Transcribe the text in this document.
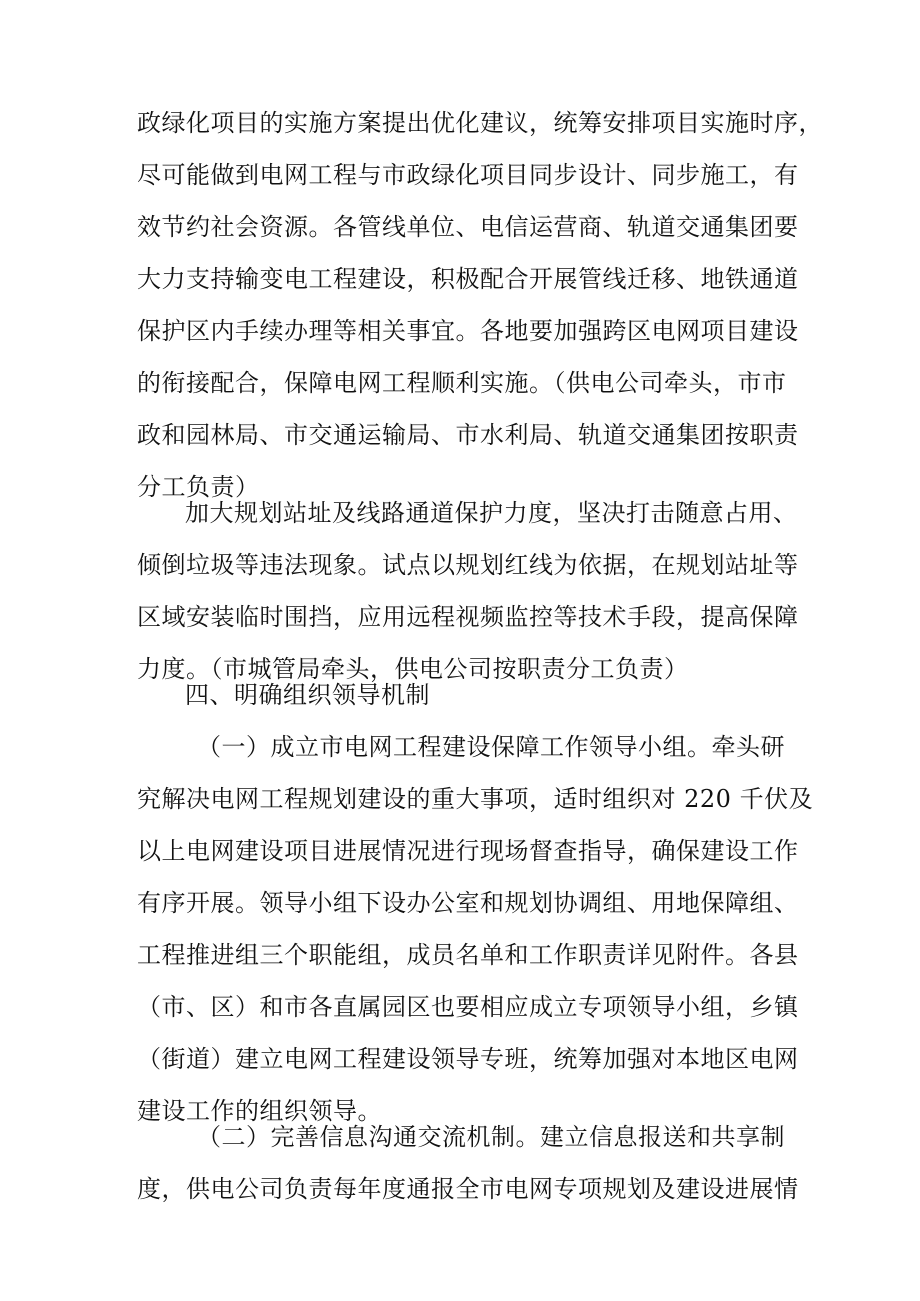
政绿化项目的实施方案提出优化建议，统筹安排项目实施时序，
尽可能做到电网工程与市政绿化项目同步设计、同步施工，有
效节约社会资源。各管线单位、电信运营商、轨道交通集团要
大力支持输变电工程建设，积极配合开展管线迁移、地铁通道
保护区内手续办理等相关事宜。各地要加强跨区电网项目建设
的衔接配合，保障电网工程顺利实施。（供电公司牵头，市市
政和园林局、市交通运输局、市水利局、轨道交通集团按职责
分工负责）
加大规划站址及线路通道保护力度，坚决打击随意占用、
倾倒垃圾等违法现象。试点以规划红线为依据，在规划站址等
区域安装临时围挡，应用远程视频监控等技术手段，提高保障
力度。（市城管局牵头，供电公司按职责分工负责）
四、明确组织领导机制
（一）成立市电网工程建设保障工作领导小组。牵头研
究解决电网工程规划建设的重大事项，适时组织对 220 千伏及
以上电网建设项目进展情况进行现场督查指导，确保建设工作
有序开展。领导小组下设办公室和规划协调组、用地保障组、
工程推进组三个职能组，成员名单和工作职责详见附件。各县
（市、区）和市各直属园区也要相应成立专项领导小组，乡镇
（街道）建立电网工程建设领导专班，统筹加强对本地区电网
建设工作的组织领导。
（二）完善信息沟通交流机制。建立信息报送和共享制
度，供电公司负责每年度通报全市电网专项规划及建设进展情
